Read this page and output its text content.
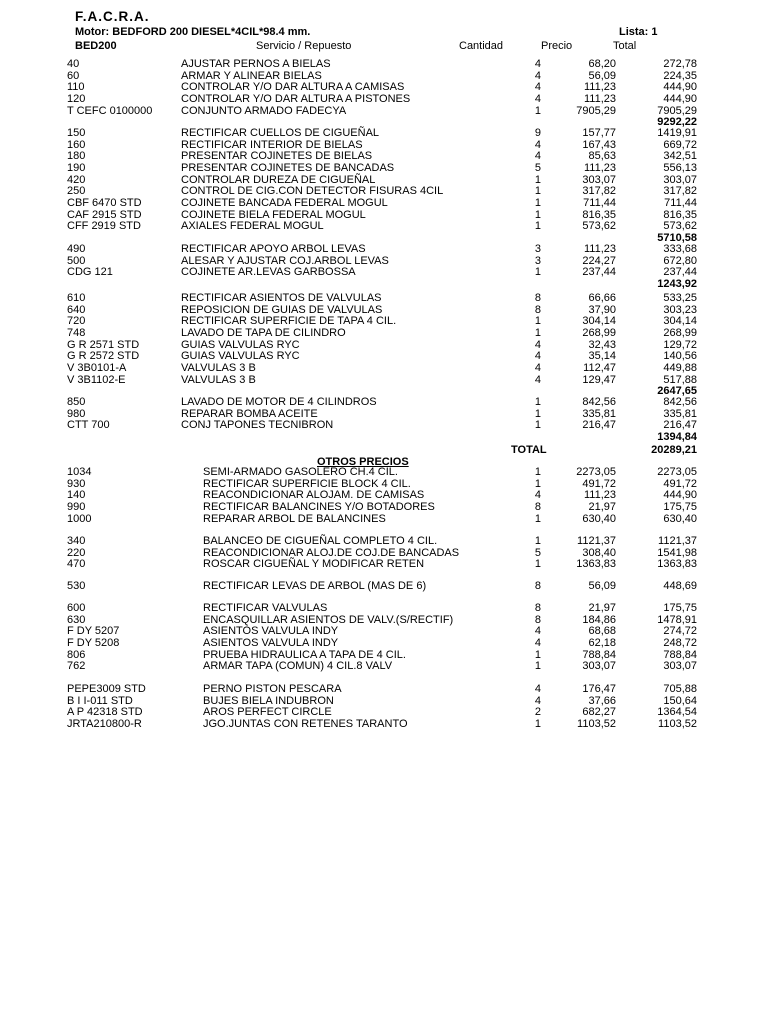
F.A.C.R.A.
Motor: BEDFORD 200 DIESEL*4CIL*98.4 mm.	Lista: 1
BED200	Servicio / Repuesto	Cantidad	Precio	Total
40	AJUSTAR PERNOS A BIELAS	4	68,20	272,78
60	ARMAR Y ALINEAR BIELAS	4	56,09	224,35
110	CONTROLAR Y/O DAR ALTURA A CAMISAS	4	111,23	444,90
120	CONTROLAR Y/O DAR ALTURA A PISTONES	4	111,23	444,90
T CEFC 0100000	CONJUNTO ARMADO FADECYA	1	7905,29	7905,29
9292,22
150	RECTIFICAR CUELLOS DE CIGUEÑAL	9	157,77	1419,91
160	RECTIFICAR INTERIOR DE BIELAS	4	167,43	669,72
180	PRESENTAR COJINETES DE BIELAS	4	85,63	342,51
190	PRESENTAR COJINETES DE BANCADAS	5	111,23	556,13
420	CONTROLAR DUREZA DE CIGUEÑAL	1	303,07	303,07
250	CONTROL DE CIG.CON DETECTOR FISURAS 4CIL	1	317,82	317,82
CBF 6470 STD	COJINETE BANCADA FEDERAL MOGUL	1	711,44	711,44
CAF 2915 STD	COJINETE BIELA FEDERAL MOGUL	1	816,35	816,35
CFF 2919 STD	AXIALES FEDERAL MOGUL	1	573,62	573,62
5710,58
490	RECTIFICAR APOYO ARBOL LEVAS	3	111,23	333,68
500	ALESAR Y AJUSTAR COJ.ARBOL LEVAS	3	224,27	672,80
CDG 121	COJINETE AR.LEVAS GARBOSSA	1	237,44	237,44
1243,92
610	RECTIFICAR ASIENTOS DE VALVULAS	8	66,66	533,25
640	REPOSICION DE GUIAS DE VALVULAS	8	37,90	303,23
720	RECTIFICAR SUPERFICIE DE TAPA 4 CIL.	1	304,14	304,14
748	LAVADO DE TAPA DE CILINDRO	1	268,99	268,99
G R 2571 STD	GUIAS VALVULAS RYC	4	32,43	129,72
G R 2572 STD	GUIAS VALVULAS RYC	4	35,14	140,56
V 3B0101-A	VALVULAS 3 B	4	112,47	449,88
V 3B1102-E	VALVULAS 3 B	4	129,47	517,88
2647,65
850	LAVADO DE MOTOR DE 4 CILINDROS	1	842,56	842,56
980	REPARAR BOMBA ACEITE	1	335,81	335,81
CTT 700	CONJ TAPONES TECNIBRON	1	216,47	216,47
1394,84
1034	SEMI-ARMADO GASOLERO CH.4 CIL.	1	2273,05	2273,05
930	RECTIFICAR SUPERFICIE BLOCK 4 CIL.	1	491,72	491,72
140	REACONDICIONAR ALOJAM. DE CAMISAS	4	111,23	444,90
990	RECTIFICAR BALANCINES Y/O BOTADORES	8	21,97	175,75
1000	REPARAR ARBOL DE BALANCINES	1	630,40	630,40
340	BALANCEO DE CIGUEÑAL COMPLETO 4 CIL.	1	1121,37	1121,37
220	REACONDICIONAR ALOJ.DE COJ.DE BANCADAS	5	308,40	1541,98
470	ROSCAR CIGUEÑAL Y MODIFICAR RETEN	1	1363,83	1363,83
530	RECTIFICAR LEVAS DE ARBOL (MAS DE 6)	8	56,09	448,69
600	RECTIFICAR VALVULAS	8	21,97	175,75
630	ENCASQUILLAR ASIENTOS DE VALV.(S/RECTIF)	8	184,86	1478,91
F DY 5207	ASIENTOS VALVULA INDY	4	68,68	274,72
F DY 5208	ASIENTOS VALVULA INDY	4	62,18	248,72
806	PRUEBA HIDRAULICA A TAPA DE 4 CIL.	1	788,84	788,84
762	ARMAR TAPA (COMUN) 4 CIL.8 VALV	1	303,07	303,07
PEPE3009 STD	PERNO PISTON PESCARA	4	176,47	705,88
B I I-011 STD	BUJES BIELA INDUBRON	4	37,66	150,64
A P 42318 STD	AROS PERFECT CIRCLE	2	682,27	1364,54
JRTA210800-R	JGO.JUNTAS CON RETENES TARANTO	1	1103,52	1103,52
TOTAL	20289,21
OTROS PRECIOS
